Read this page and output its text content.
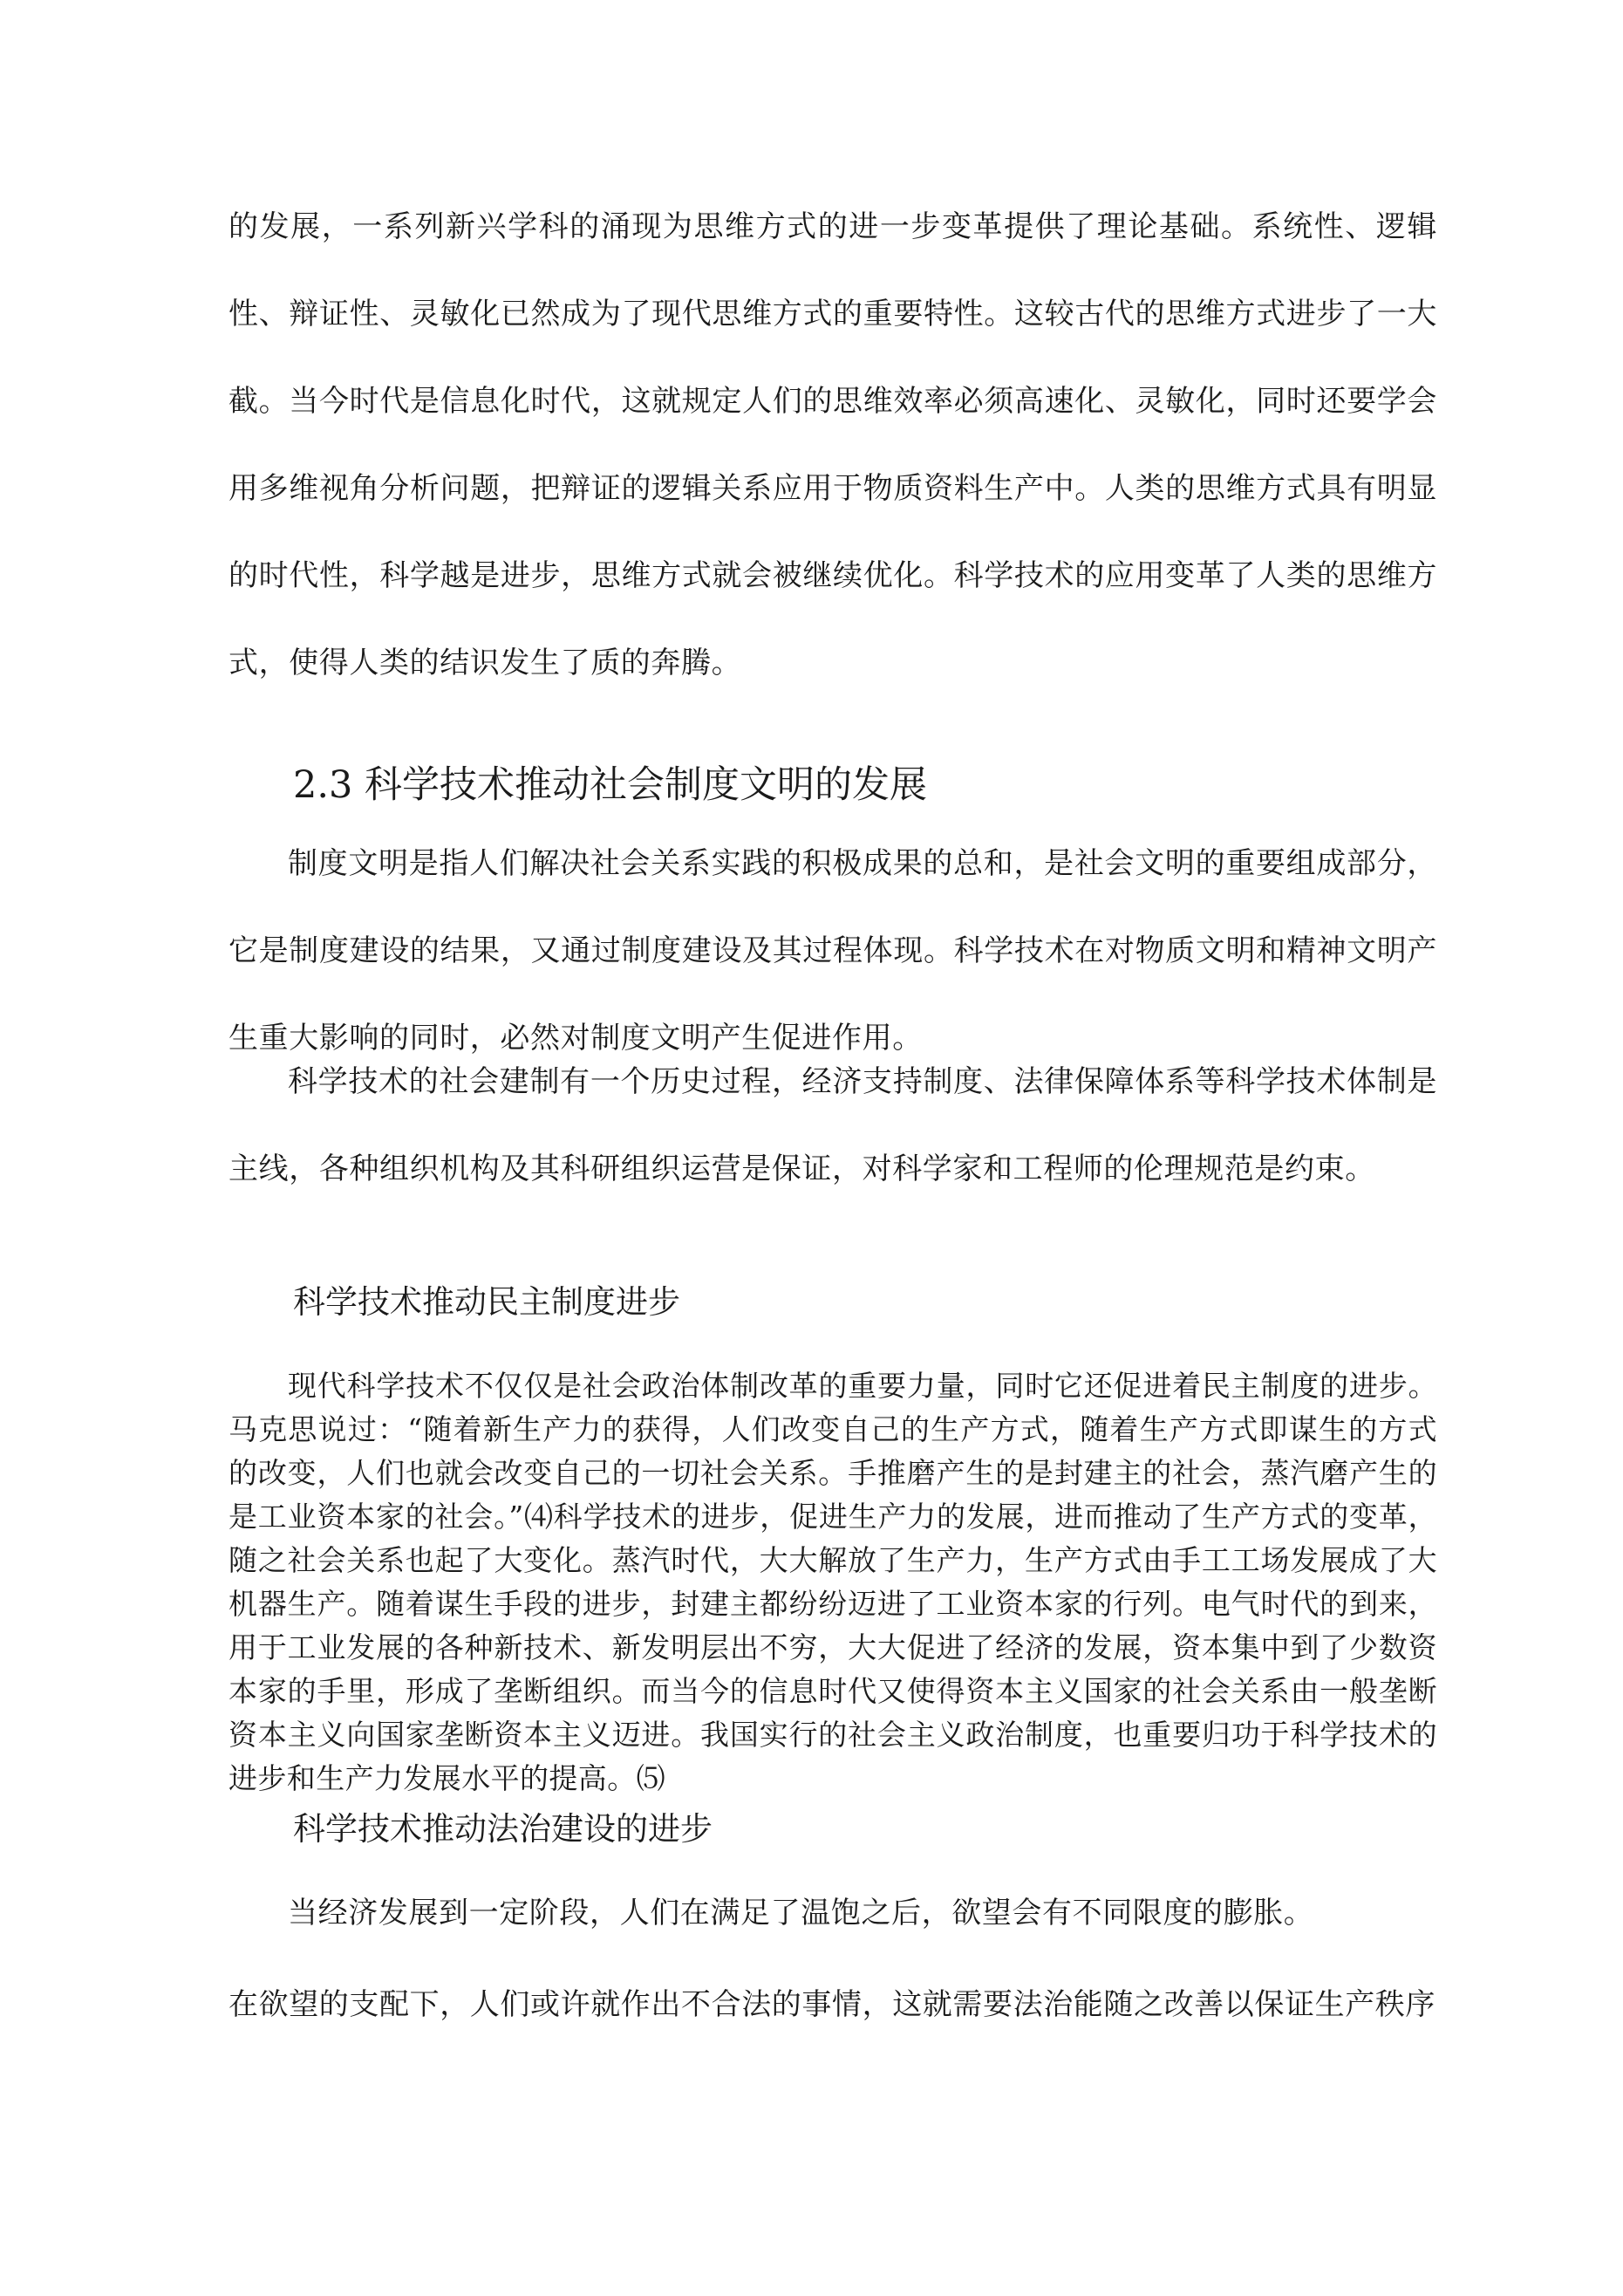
的发展，一系列新兴学科的涌现为思维方式的进一步变革提供了理论基础。系统性、逻辑性、辩证性、灵敏化已然成为了现代思维方式的重要特性。这较古代的思维方式进步了一大截。当今时代是信息化时代，这就规定人们的思维效率必须高速化、灵敏化，同时还要学会用多维视角分析问题，把辩证的逻辑关系应用于物质资料生产中。人类的思维方式具有明显的时代性，科学越是进步，思维方式就会被继续优化。科学技术的应用变革了人类的思维方式，使得人类的结识发生了质的奔腾。

2.3 科学技术推动社会制度文明的发展

制度文明是指人们解决社会关系实践的积极成果的总和，是社会文明的重要组成部分，它是制度建设的结果，又通过制度建设及其过程体现。科学技术在对物质文明和精神文明产生重大影响的同时，必然对制度文明产生促进作用。

科学技术的社会建制有一个历史过程，经济支持制度、法律保障体系等科学技术体制是主线，各种组织机构及其科研组织运营是保证，对科学家和工程师的伦理规范是约束。

科学技术推动民主制度进步

现代科学技术不仅仅是社会政治体制改革的重要力量，同时它还促进着民主制度的进步。马克思说过：“随着新生产力的获得，人们改变自己的生产方式，随着生产方式即谋生的方式的改变，人们也就会改变自己的一切社会关系。手推磨产生的是封建主的社会，蒸汽磨产生的是工业资本家的社会。”⑷科学技术的进步，促进生产力的发展，进而推动了生产方式的变革，随之社会关系也起了大变化。蒸汽时代，大大解放了生产力，生产方式由手工工场发展成了大机器生产。随着谋生手段的进步，封建主都纷纷迈进了工业资本家的行列。电气时代的到来，用于工业发展的各种新技术、新发明层出不穷，大大促进了经济的发展，资本集中到了少数资本家的手里，形成了垄断组织。而当今的信息时代又使得资本主义国家的社会关系由一般垄断资本主义向国家垄断资本主义迈进。我国实行的社会主义政治制度，也重要归功于科学技术的进步和生产力发展水平的提高。⑸

科学技术推动法治建设的进步

当经济发展到一定阶段，人们在满足了温饱之后，欲望会有不同限度的膨胀。

在欲望的支配下，人们或许就作出不合法的事情，这就需要法治能随之改善以保证生产秩序
